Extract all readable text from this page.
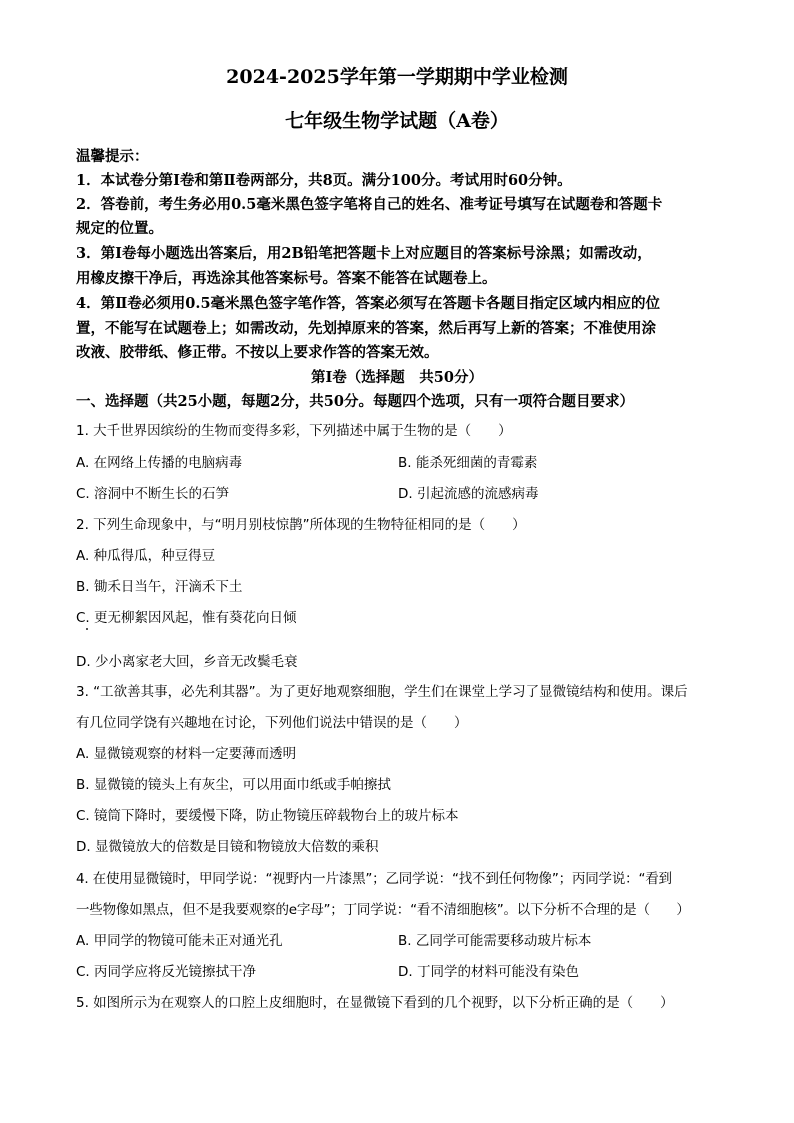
2024-2025学年第一学期期中学业检测
七年级生物学试题（A卷）
温馨提示：
1．本试卷分第Ⅰ卷和第Ⅱ卷两部分，共8页。满分100分。考试用时60分钟。
2．答卷前，考生务必用0.5毫米黑色签字笔将自己的姓名、准考证号填写在试题卷和答题卡
规定的位置。
3．第Ⅰ卷每小题选出答案后，用2B铅笔把答题卡上对应题目的答案标号涂黑；如需改动，
用橡皮擦干净后，再选涂其他答案标号。答案不能答在试题卷上。
4．第Ⅱ卷必须用0.5毫米黑色签字笔作答，答案必须写在答题卡各题目指定区域内相应的位
置，不能写在试题卷上；如需改动，先划掉原来的答案，然后再写上新的答案；不准使用涂
改液、胶带纸、修正带。不按以上要求作答的答案无效。
第Ⅰ卷（选择题　共50分）
一、选择题（共25小题，每题2分，共50分。每题四个选项，只有一项符合题目要求）
1. 大千世界因缤纷的生物而变得多彩，下列描述中属于生物的是（　　）
A. 在网络上传播的电脑病毒	B. 能杀死细菌的青霉素
C. 溶洞中不断生长的石笋	D. 引起流感的流感病毒
2. 下列生命现象中，与“明月别枝惊鹊”所体现的生物特征相同的是（　　）
A. 种瓜得瓜，种豆得豆
B. 锄禾日当午，汗滴禾下土
C. 更无柳絮因风起，惟有葵花向日倾
D. 少小离家老大回，乡音无改鬓毛衰
3. “工欲善其事，必先利其器”。为了更好地观察细胞，学生们在课堂上学习了显微镜结构和使用。课后
有几位同学饶有兴趣地在讨论，下列他们说法中错误的是（　　）
A. 显微镜观察的材料一定要薄而透明
B. 显微镜的镜头上有灰尘，可以用面巾纸或手帕擦拭
C. 镜筒下降时，要缓慢下降，防止物镜压碎载物台上的玻片标本
D. 显微镜放大的倍数是目镜和物镜放大倍数的乘积
4. 在使用显微镜时，甲同学说：“视野内一片漆黑”；乙同学说：“找不到任何物像”；丙同学说：“看到
一些物像如黑点，但不是我要观察的e字母”；丁同学说：“看不清细胞核”。以下分析不合理的是（　　）
A. 甲同学的物镜可能未正对通光孔	B. 乙同学可能需要移动玻片标本
C. 丙同学应将反光镜擦拭干净	D. 丁同学的材料可能没有染色
5. 如图所示为在观察人的口腔上皮细胞时，在显微镜下看到的几个视野，以下分析正确的是（　　）
